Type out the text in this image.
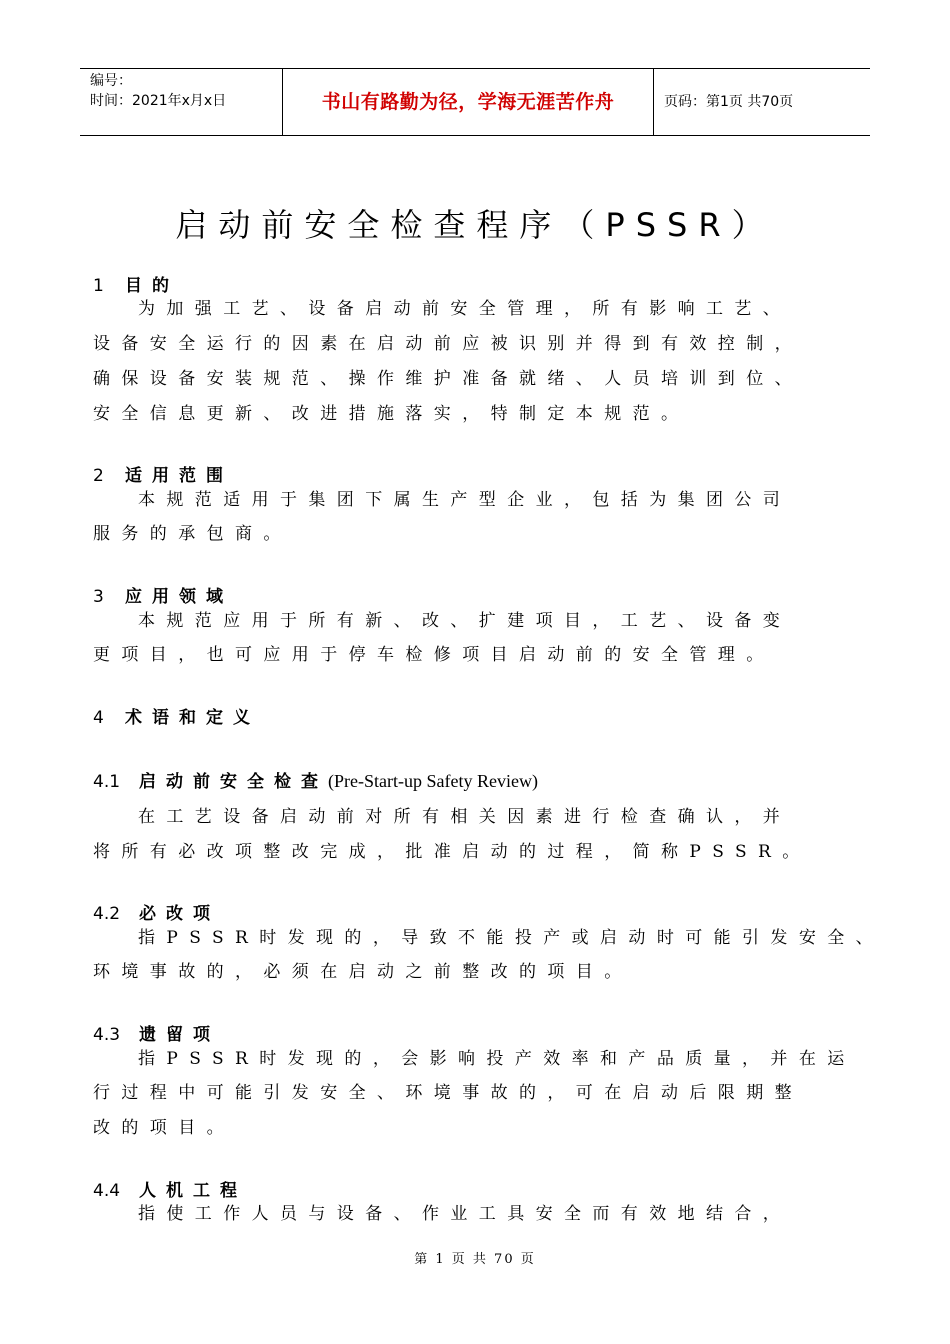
编号：
时间：2021年x月x日	书山有路勤为径，学海无涯苦作舟	页码：第1页 共70页
启动前安全检查程序（PSSR）
1 目的
为加强工艺、设备启动前安全管理，所有影响工艺、
设备安全运行的因素在启动前应被识别并得到有效控制，
确保设备安装规范、操作维护准备就绪、人员培训到位、
安全信息更新、改进措施落实，特制定本规范。
2 适用范围
本规范适用于集团下属生产型企业，包括为集团公司
服务的承包商。
3 应用领域
本规范应用于所有新、改、扩建项目，工艺、设备变
更项目，也可应用于停车检修项目启动前的安全管理。
4 术语和定义
4.1 启动前安全检查(Pre-Start-up Safety Review)
在工艺设备启动前对所有相关因素进行检查确认，并
将所有必改项整改完成，批准启动的过程，简称PSSR。
4.2 必改项
指PSSR时发现的，导致不能投产或启动时可能引发安全、
环境事故的，必须在启动之前整改的项目。
4.3 遗留项
指PSSR时发现的，会影响投产效率和产品质量，并在运
行过程中可能引发安全、环境事故的，可在启动后限期整
改的项目。
4.4 人机工程
指使工作人员与设备、作业工具安全而有效地结合，
第 1 页 共 70 页
